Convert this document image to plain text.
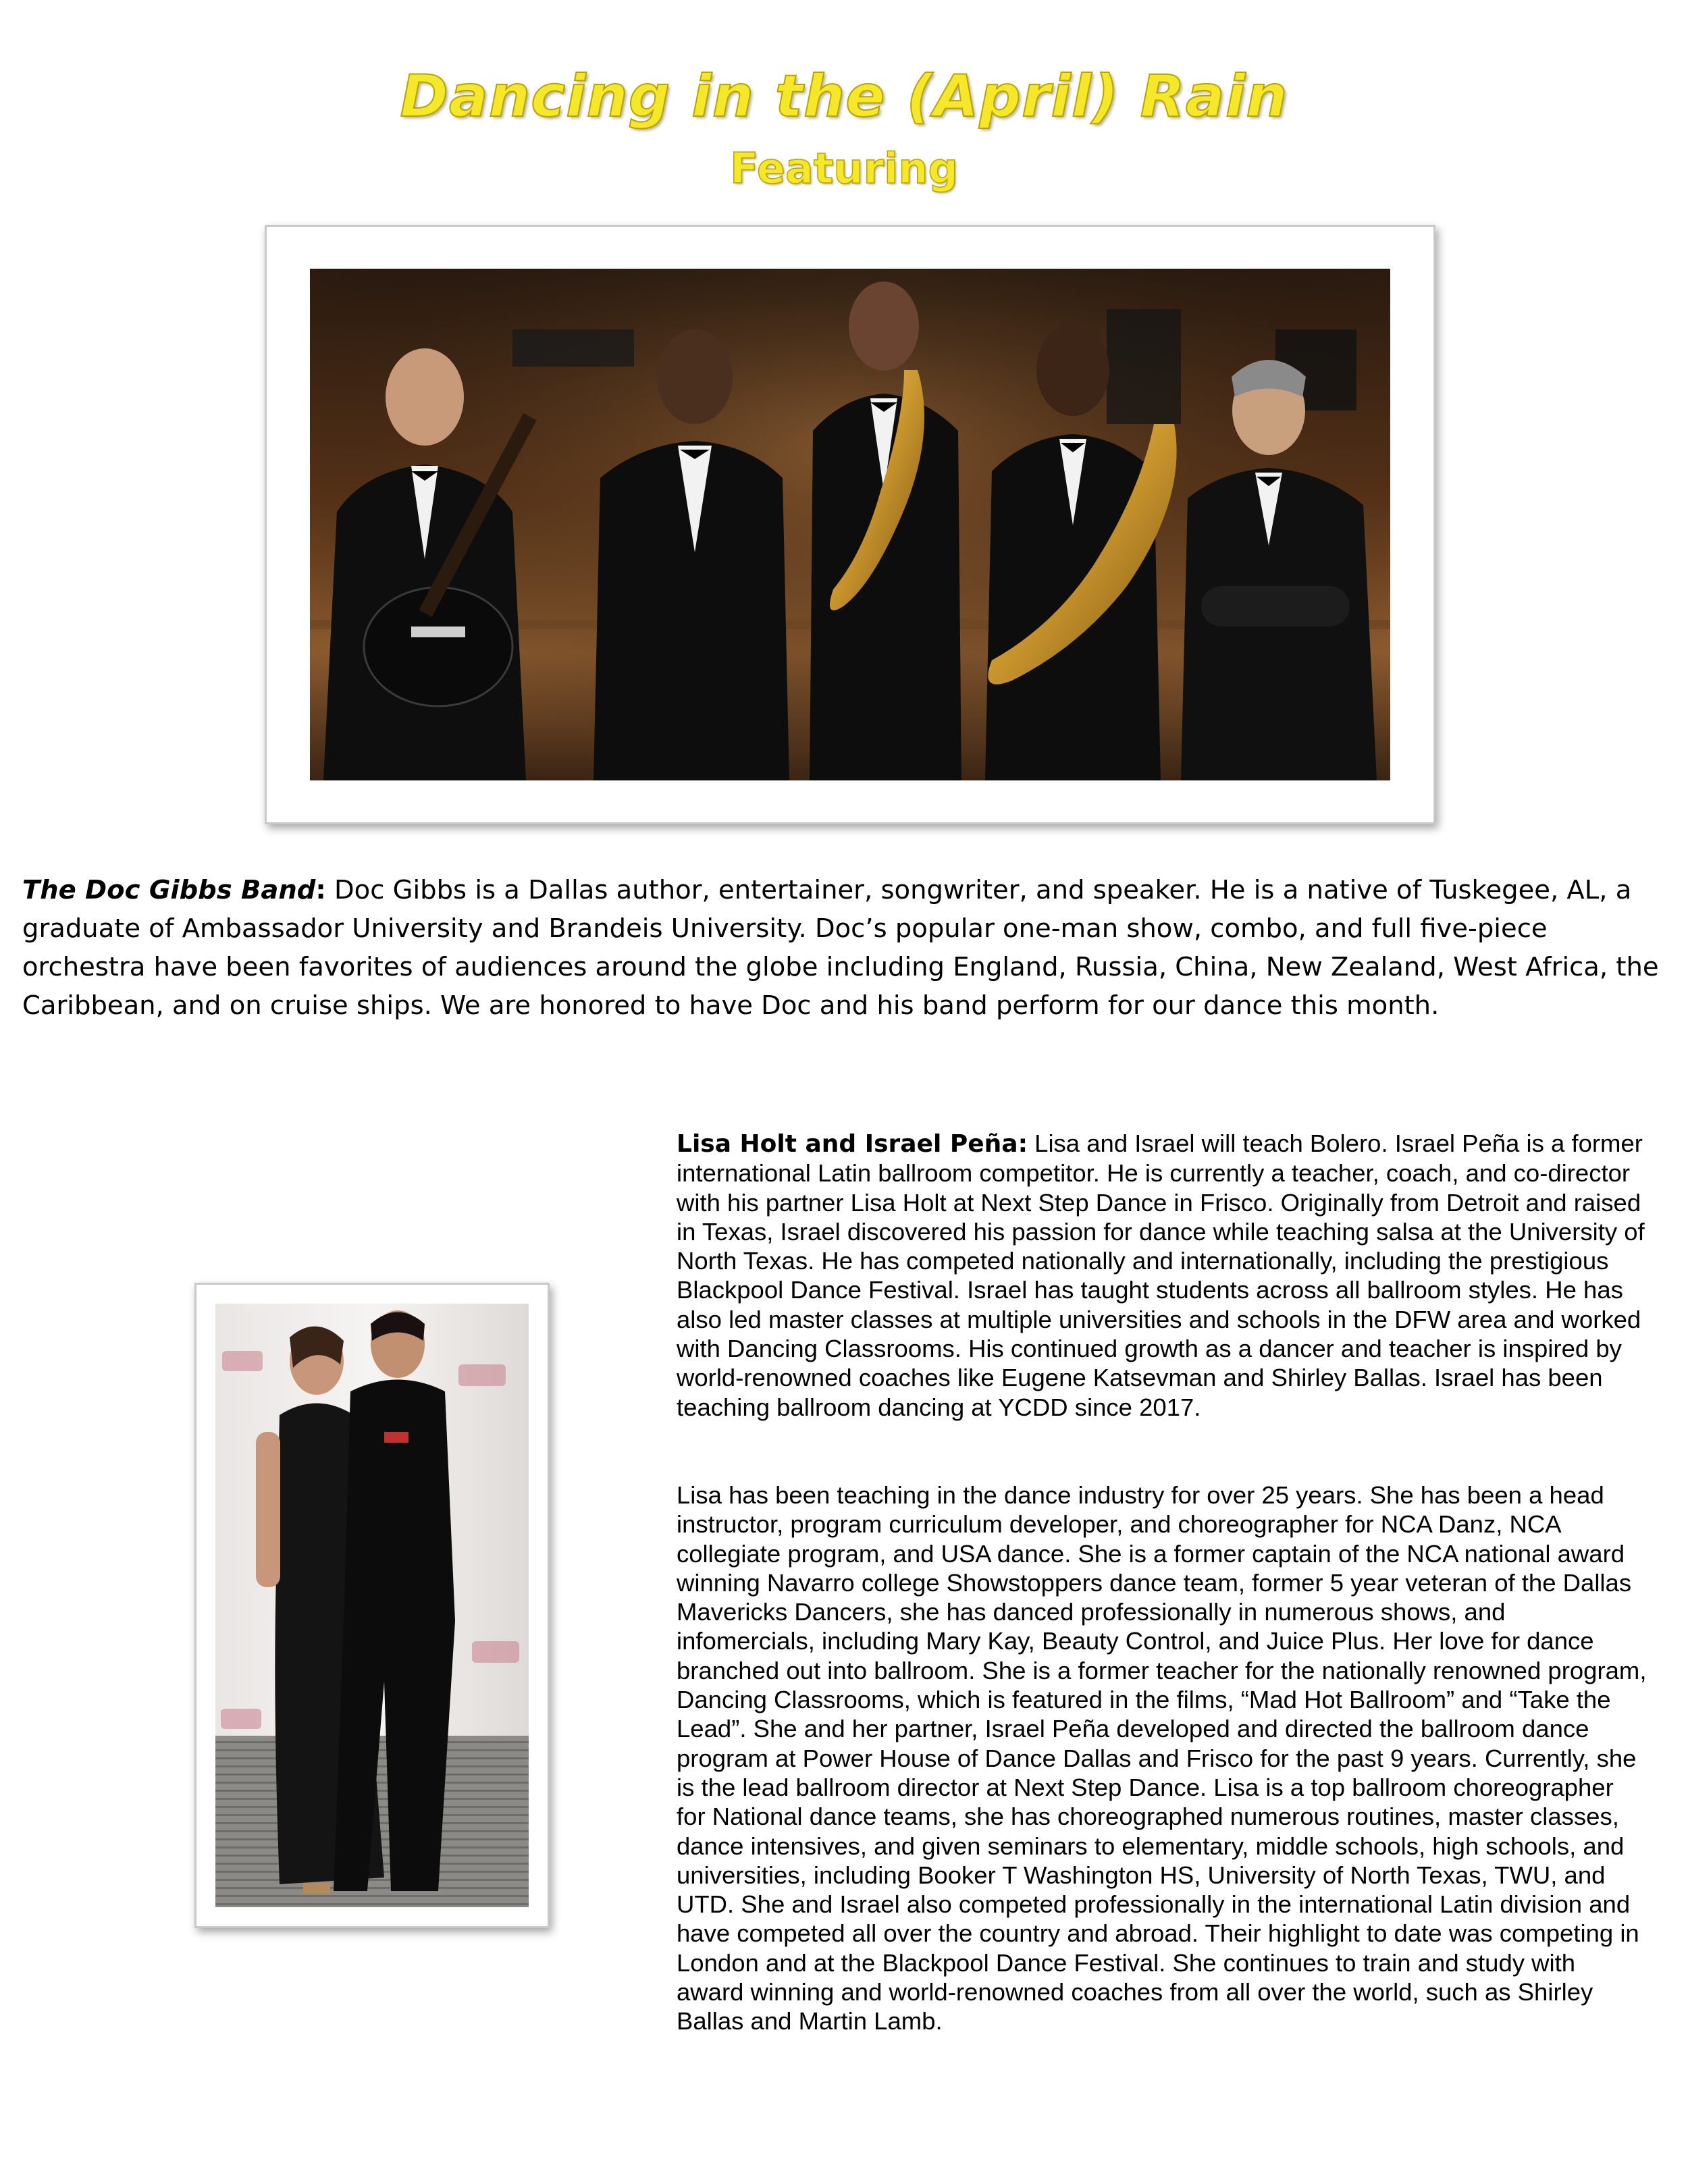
Dancing in the (April) Rain
Featuring

The Doc Gibbs Band: Doc Gibbs is a Dallas author, entertainer, songwriter, and speaker. He is a native of Tuskegee, AL, a graduate of Ambassador University and Brandeis University. Doc’s popular one-man show, combo, and full five-piece orchestra have been favorites of audiences around the globe including England, Russia, China, New Zealand, West Africa, the Caribbean, and on cruise ships. We are honored to have Doc and his band perform for our dance this month.

Lisa Holt and Israel Peña: Lisa and Israel will teach Bolero. Israel Peña is a former international Latin ballroom competitor. He is currently a teacher, coach, and co-director with his partner Lisa Holt at Next Step Dance in Frisco. Originally from Detroit and raised in Texas, Israel discovered his passion for dance while teaching salsa at the University of North Texas. He has competed nationally and internationally, including the prestigious Blackpool Dance Festival. Israel has taught students across all ballroom styles. He has also led master classes at multiple universities and schools in the DFW area and worked with Dancing Classrooms. His continued growth as a dancer and teacher is inspired by world-renowned coaches like Eugene Katsevman and Shirley Ballas. Israel has been teaching ballroom dancing at YCDD since 2017.

Lisa has been teaching in the dance industry for over 25 years. She has been a head instructor, program curriculum developer, and choreographer for NCA Danz, NCA collegiate program, and USA dance. She is a former captain of the NCA national award winning Navarro college Showstoppers dance team, former 5 year veteran of the Dallas Mavericks Dancers, she has danced professionally in numerous shows, and infomercials, including Mary Kay, Beauty Control, and Juice Plus. Her love for dance branched out into ballroom. She is a former teacher for the nationally renowned program, Dancing Classrooms, which is featured in the films, “Mad Hot Ballroom” and “Take the Lead”. She and her partner, Israel Peña developed and directed the ballroom dance program at Power House of Dance Dallas and Frisco for the past 9 years. Currently, she is the lead ballroom director at Next Step Dance. Lisa is a top ballroom choreographer for National dance teams, she has choreographed numerous routines, master classes, dance intensives, and given seminars to elementary, middle schools, high schools, and universities, including Booker T Washington HS, University of North Texas, TWU, and UTD. She and Israel also competed professionally in the international Latin division and have competed all over the country and abroad. Their highlight to date was competing in London and at the Blackpool Dance Festival. She continues to train and study with award winning and world-renowned coaches from all over the world, such as Shirley Ballas and Martin Lamb.
